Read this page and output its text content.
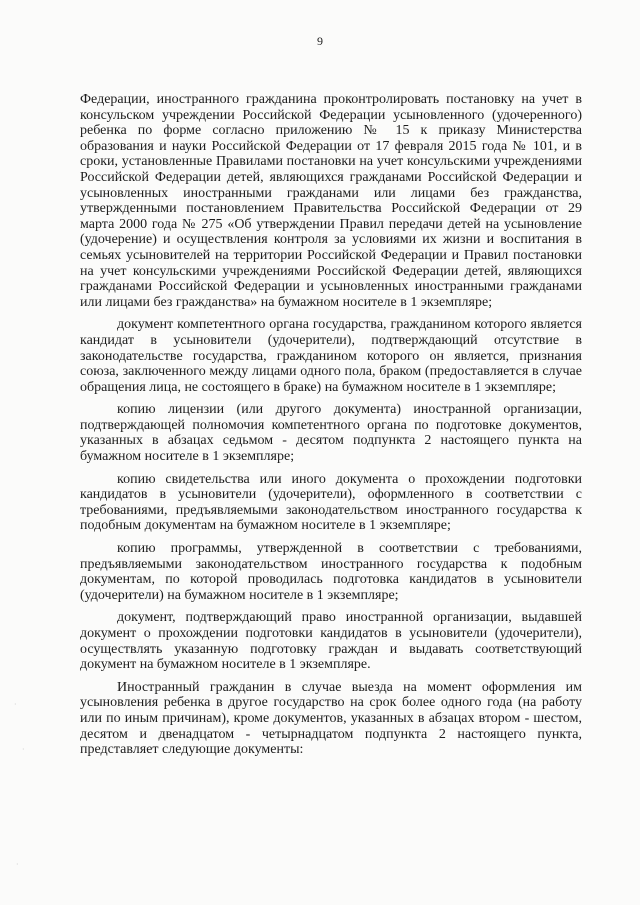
9

Федерации, иностранного гражданина проконтролировать постановку на учет в консульском учреждении Российской Федерации усыновленного (удочеренного) ребенка по форме согласно приложению № 15 к приказу Министерства образования и науки Российской Федерации от 17 февраля 2015 года № 101, и в сроки, установленные Правилами постановки на учет консульскими учреждениями Российской Федерации детей, являющихся гражданами Российской Федерации и усыновленных иностранными гражданами или лицами без гражданства, утвержденными постановлением Правительства Российской Федерации от 29 марта 2000 года № 275 «Об утверждении Правил передачи детей на усыновление (удочерение) и осуществления контроля за условиями их жизни и воспитания в семьях усыновителей на территории Российской Федерации и Правил постановки на учет консульскими учреждениями Российской Федерации детей, являющихся гражданами Российской Федерации и усыновленных иностранными гражданами или лицами без гражданства» на бумажном носителе в 1 экземпляре;

документ компетентного органа государства, гражданином которого является кандидат в усыновители (удочерители), подтверждающий отсутствие в законодательстве государства, гражданином которого он является, признания союза, заключенного между лицами одного пола, браком (предоставляется в случае обращения лица, не состоящего в браке) на бумажном носителе в 1 экземпляре;

копию лицензии (или другого документа) иностранной организации, подтверждающей полномочия компетентного органа по подготовке документов, указанных в абзацах седьмом - десятом подпункта 2 настоящего пункта на бумажном носителе в 1 экземпляре;

копию свидетельства или иного документа о прохождении подготовки кандидатов в усыновители (удочерители), оформленного в соответствии с требованиями, предъявляемыми законодательством иностранного государства к подобным документам на бумажном носителе в 1 экземпляре;

копию программы, утвержденной в соответствии с требованиями, предъявляемыми законодательством иностранного государства к подобным документам, по которой проводилась подготовка кандидатов в усыновители (удочерители) на бумажном носителе в 1 экземпляре;

документ, подтверждающий право иностранной организации, выдавшей документ о прохождении подготовки кандидатов в усыновители (удочерители), осуществлять указанную подготовку граждан и выдавать соответствующий документ на бумажном носителе в 1 экземпляре.

Иностранный гражданин в случае выезда на момент оформления им усыновления ребенка в другое государство на срок более одного года (на работу или по иным причинам), кроме документов, указанных в абзацах втором - шестом, десятом и двенадцатом - четырнадцатом подпункта 2 настоящего пункта, представляет следующие документы:

·
·
·
